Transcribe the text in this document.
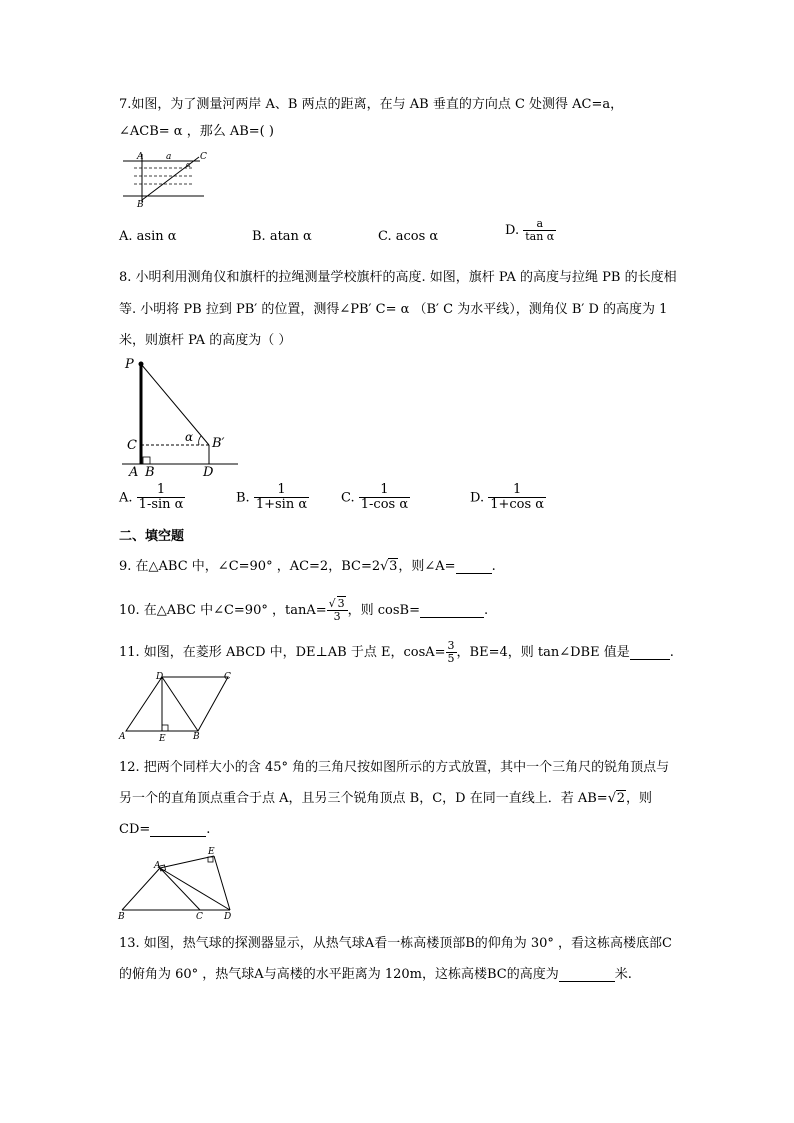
7.如图，为了测量河两岸 A、B 两点的距离，在与 AB 垂直的方向点 C 处测得 AC=a，
∠ACB= α ，那么 AB=( )
A	a	C
α
B
A. asin α	B. atan α	C. acos α	D. $\frac{a}{\text{tan α}}$
8. 小明利用测角仪和旗杆的拉绳测量学校旗杆的高度. 如图，旗杆 PA 的高度与拉绳 PB 的长度相
等. 小明将 PB 拉到 PB′ 的位置，测得∠PB′ C= α （B′ C 为水平线），测角仪 B′ D 的高度为 1
米，则旗杆 PA 的高度为（ ）
P
C
α B′
A B	D
A. $\frac{1}{\text{1-sin α}}$	B. $\frac{1}{\text{1+sin α}} C$. $\frac{1}{\text{1-cos α}}$	D. $\frac{1}{\text{1+cos α}}$
二、填空题
9. 在△ABC 中，∠C=90° ，AC=2，BC=2 √ 3，则∠A=	.
10. 在△ABC 中∠C=90° ，$\tan A= \frac{√ 3}{3}$ ，则 cosB=	.
11. 如图，在菱形 ABCD 中，DE⊥AB 于点 E，$\cos A= \frac{3}{5}$ ，BE=4，则 tan∠DBE 值是	.
D	C
A	E	B
12. 把两个同样大小的含 45° 角的三角尺按如图所示的方式放置，其中一个三角尺的锐角顶点与
另一个的直角顶点重合于点 A，且另三个锐角顶点 B，C，D 在同一直线上．若 AB= √ 2，则
CD=	.
A
E
B	C D
13. 如图，热气球的探测器显示，从热气球A看一栋高楼顶部B的仰角为 30° ，看这栋高楼底部C
的俯角为 60° ，热气球A与高楼的水平距离为 120m，这栋高楼BC的高度为	米.
